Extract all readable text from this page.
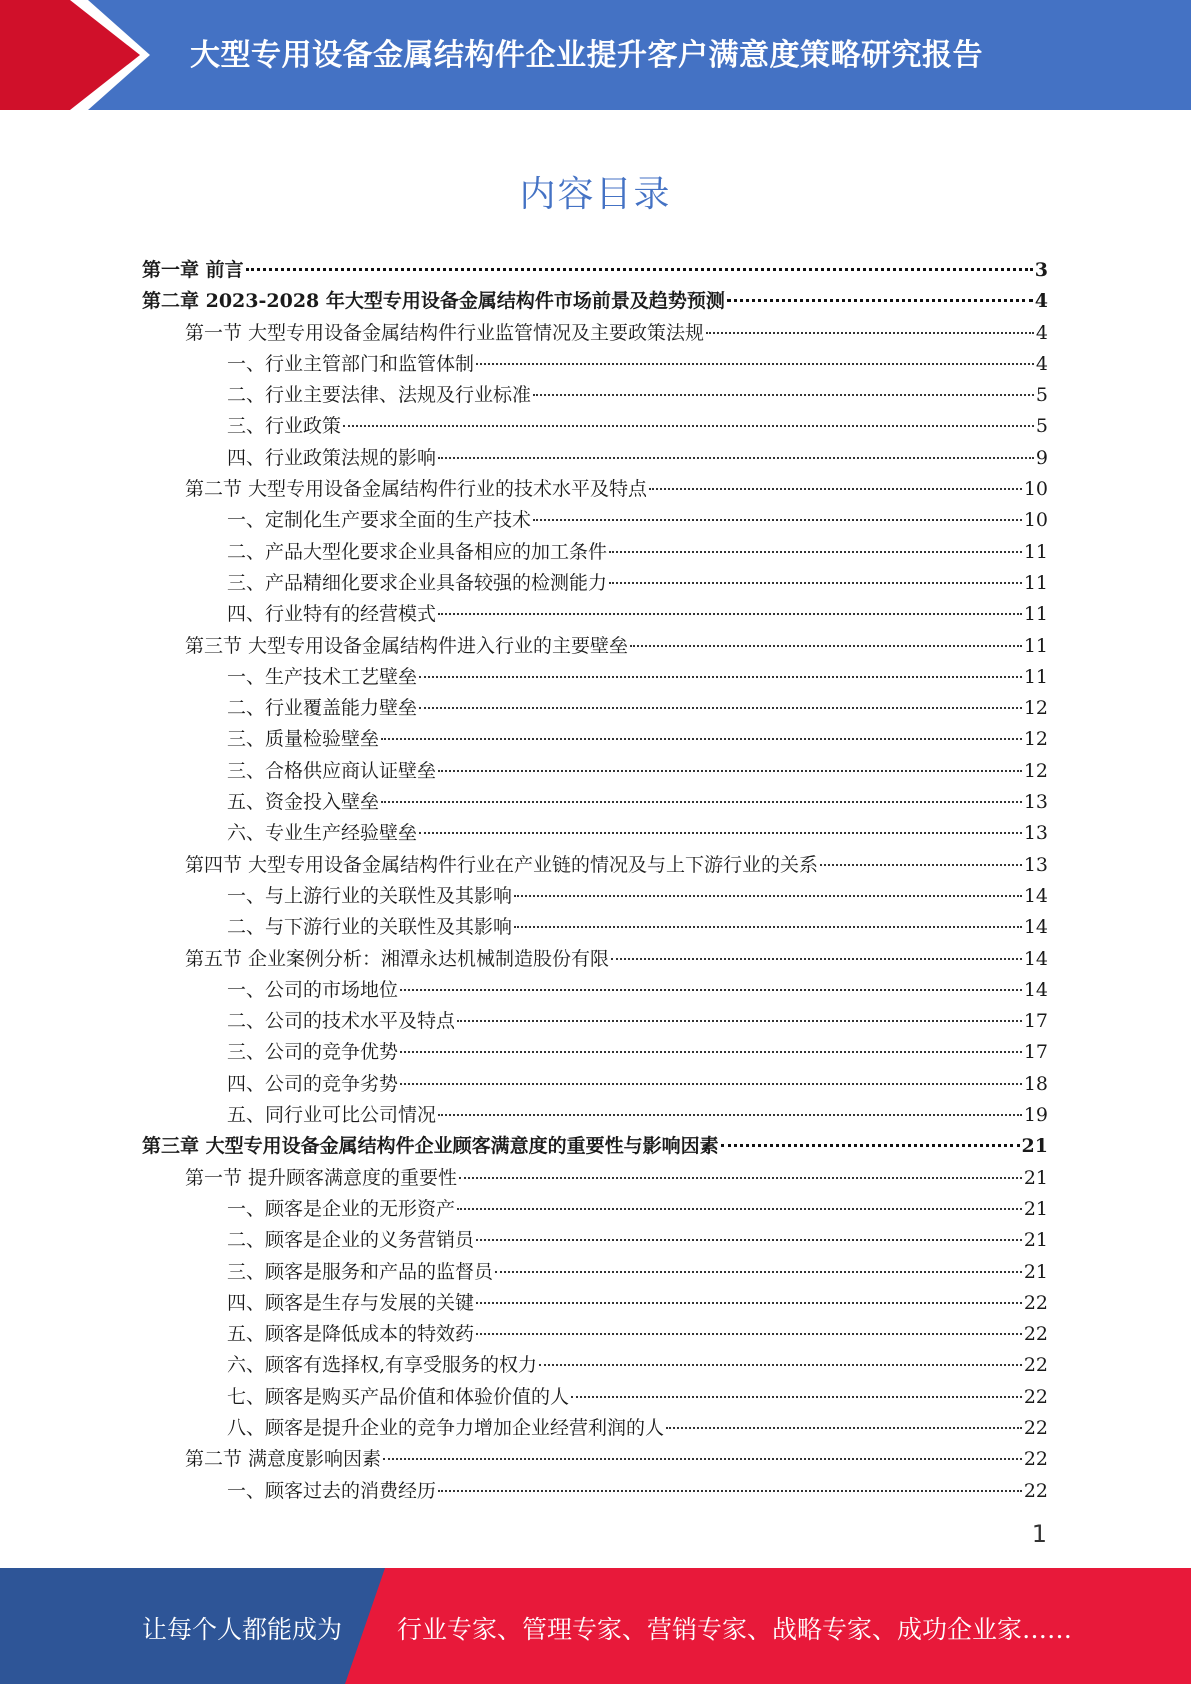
大型专用设备金属结构件企业提升客户满意度策略研究报告
内容目录
第一章 前言	3
第二章 2023-2028 年大型专用设备金属结构件市场前景及趋势预测	4
第一节 大型专用设备金属结构件行业监管情况及主要政策法规	4
一、行业主管部门和监管体制	4
二、行业主要法律、法规及行业标准	5
三、行业政策	5
四、行业政策法规的影响	9
第二节 大型专用设备金属结构件行业的技术水平及特点	10
一、定制化生产要求全面的生产技术	10
二、产品大型化要求企业具备相应的加工条件	11
三、产品精细化要求企业具备较强的检测能力	11
四、行业特有的经营模式	11
第三节 大型专用设备金属结构件进入行业的主要壁垒	11
一、生产技术工艺壁垒	11
二、行业覆盖能力壁垒	12
三、质量检验壁垒	12
三、合格供应商认证壁垒	12
五、资金投入壁垒	13
六、专业生产经验壁垒	13
第四节 大型专用设备金属结构件行业在产业链的情况及与上下游行业的关系	13
一、与上游行业的关联性及其影响	14
二、与下游行业的关联性及其影响	14
第五节 企业案例分析：湘潭永达机械制造股份有限	14
一、公司的市场地位	14
二、公司的技术水平及特点	17
三、公司的竞争优势	17
四、公司的竞争劣势	18
五、同行业可比公司情况	19
第三章 大型专用设备金属结构件企业顾客满意度的重要性与影响因素	21
第一节 提升顾客满意度的重要性	21
一、顾客是企业的无形资产	21
二、顾客是企业的义务营销员	21
三、顾客是服务和产品的监督员	21
四、顾客是生存与发展的关键	22
五、顾客是降低成本的特效药	22
六、顾客有选择权,有享受服务的权力	22
七、顾客是购买产品价值和体验价值的人	22
八、顾客是提升企业的竞争力增加企业经营利润的人	22
第二节 满意度影响因素	22
一、顾客过去的消费经历	22
1
让每个人都能成为 行业专家、管理专家、营销专家、战略专家、成功企业家……
